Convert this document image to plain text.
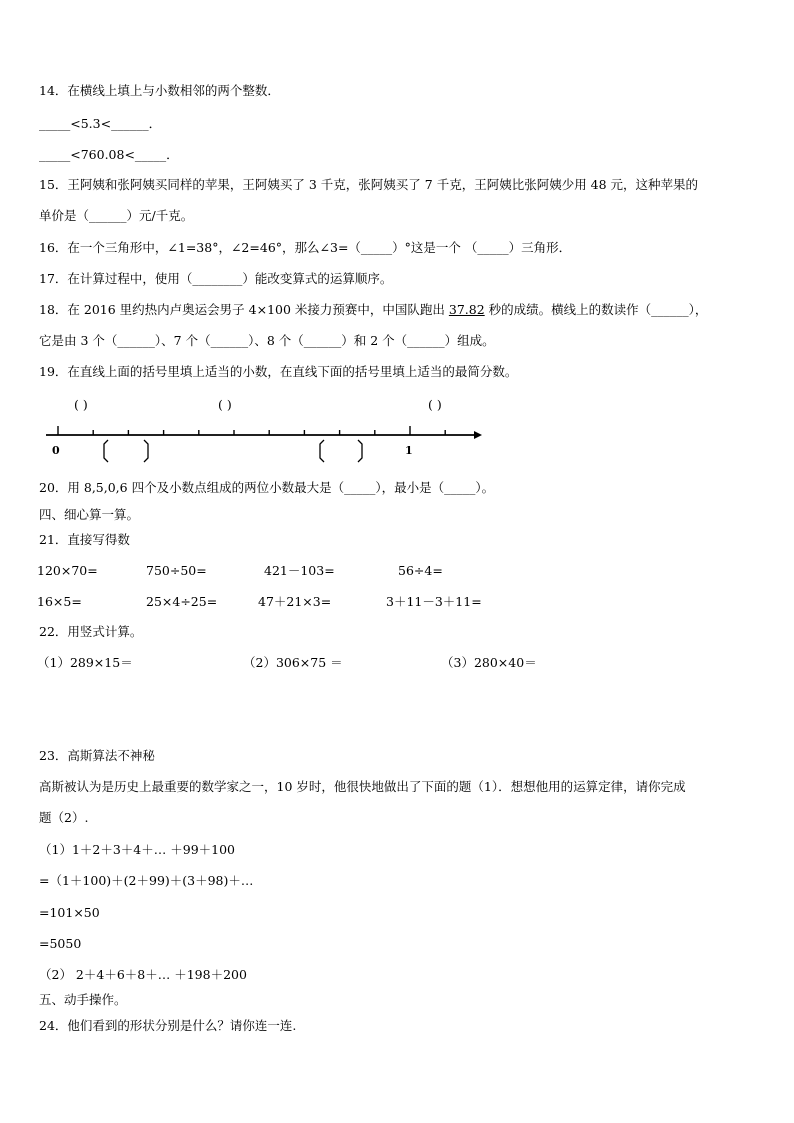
14．在横线上填上与小数相邻的两个整数．
_____<5.3<______．
_____<760.08<_____．
15．王阿姨和张阿姨买同样的苹果，王阿姨买了 3 千克，张阿姨买了 7 千克，王阿姨比张阿姨少用 48 元，这种苹果的
单价是（______）元/千克。
16．在一个三角形中，∠1=38°，∠2=46°，那么∠3=（_____）°这是一个 （_____）三角形．
17．在计算过程中，使用（________）能改变算式的运算顺序。
18．在 2016 里约热内卢奥运会男子 4×100 米接力预赛中，中国队跑出 37.82 秒的成绩。横线上的数读作（______），
它是由 3 个（______）、7 个（______）、8 个（______）和 2 个（______）组成。
19．在直线上面的括号里填上适当的小数，在直线下面的括号里填上适当的最简分数。
( )	( )	( )
0	1
20．用 8,5,0,6 四个及小数点组成的两位小数最大是（_____），最小是（_____）。
四、细心算一算。
21．直接写得数
120×70=	750÷50=	421－103=	56÷4=
16×5=	25×4÷25=	47＋21×3=	3＋11－3＋11=
22．用竖式计算。
（1）289×15＝	（2）306×75 ＝	（3）280×40＝
23．高斯算法不神秘
高斯被认为是历史上最重要的数学家之一，10 岁时，他很快地做出了下面的题（1）．想想他用的运算定律，请你完成
题（2）.
（1）1＋2＋3＋4＋… ＋99＋100
=（1＋100)＋(2＋99)＋(3＋98)＋…
=101×50
=5050
（2） 2＋4＋6＋8＋… ＋198＋200
五、动手操作。
24．他们看到的形状分别是什么？请你连一连.
